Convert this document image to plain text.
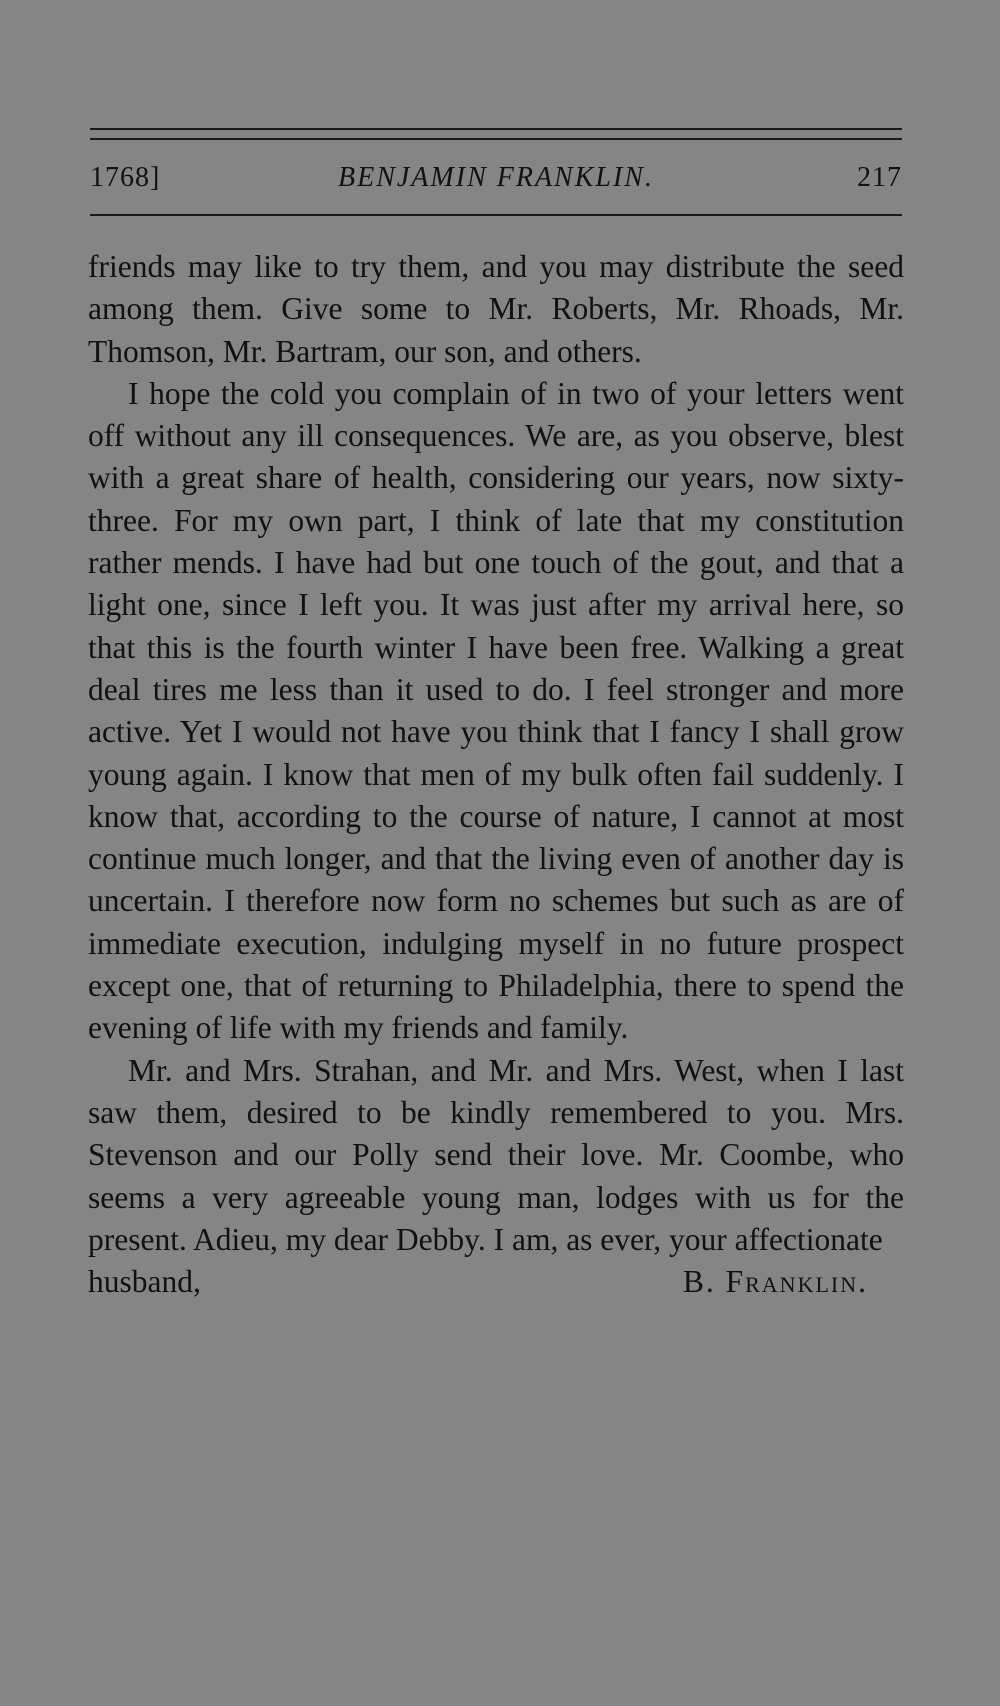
1768]	BENJAMIN FRANKLIN.	217

friends may like to try them, and you may distribute the seed among them. Give some to Mr. Roberts, Mr. Rhoads, Mr. Thomson, Mr. Bartram, our son, and others.

I hope the cold you complain of in two of your letters went off without any ill consequences. We are, as you observe, blest with a great share of health, considering our years, now sixty-three. For my own part, I think of late that my constitution rather mends. I have had but one touch of the gout, and that a light one, since I left you. It was just after my arrival here, so that this is the fourth winter I have been free. Walking a great deal tires me less than it used to do. I feel stronger and more active. Yet I would not have you think that I fancy I shall grow young again. I know that men of my bulk often fail suddenly. I know that, according to the course of nature, I cannot at most continue much longer, and that the living even of another day is uncertain. I therefore now form no schemes but such as are of immediate execution, indulging myself in no future prospect except one, that of returning to Philadelphia, there to spend the evening of life with my friends and family.

Mr. and Mrs. Strahan, and Mr. and Mrs. West, when I last saw them, desired to be kindly remembered to you. Mrs. Stevenson and our Polly send their love. Mr. Coombe, who seems a very agreeable young man, lodges with us for the present. Adieu, my dear Debby. I am, as ever, your affectionate

husband,	B. Franklin.
